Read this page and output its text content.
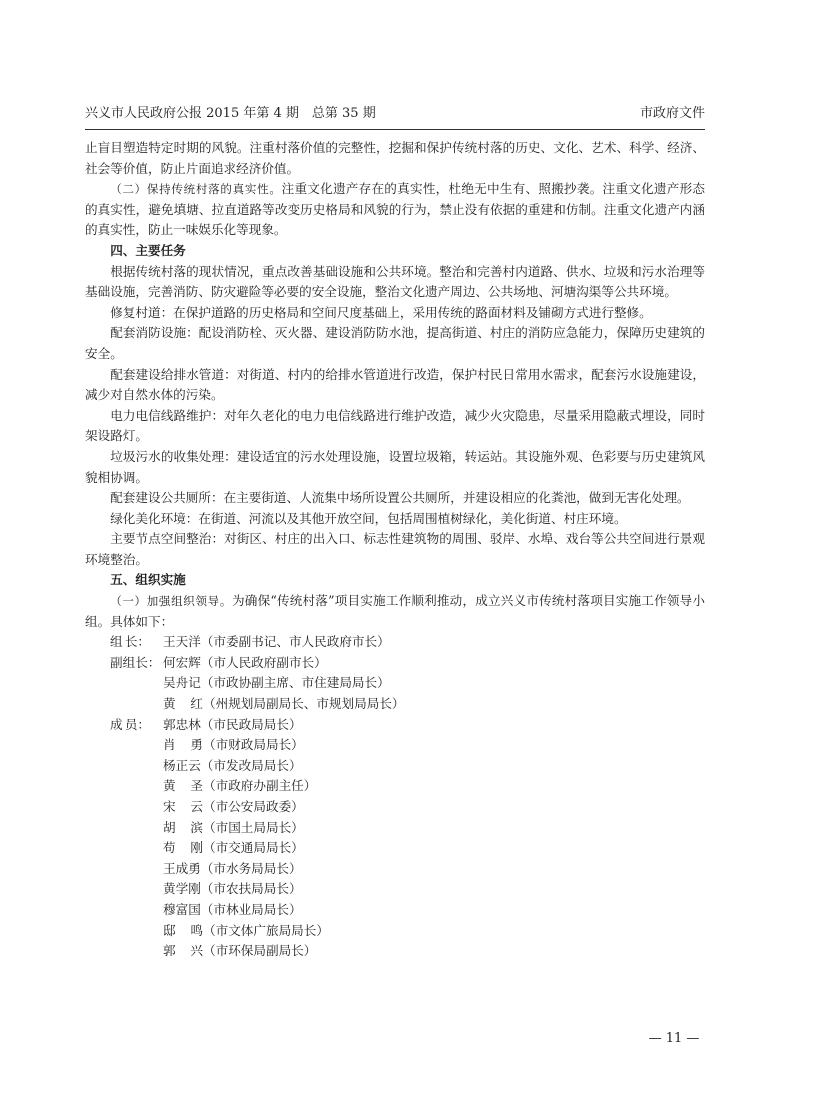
兴义市人民政府公报 2015 年第 4 期　总第 35 期	市政府文件

止盲目塑造特定时期的风貌。注重村落价值的完整性，挖掘和保护传统村落的历史、文化、艺术、科学、经济、社会等价值，防止片面追求经济价值。

（二）保持传统村落的真实性。注重文化遗产存在的真实性，杜绝无中生有、照搬抄袭。注重文化遗产形态的真实性，避免填塘、拉直道路等改变历史格局和风貌的行为，禁止没有依据的重建和仿制。注重文化遗产内涵的真实性，防止一味娱乐化等现象。

四、主要任务

根据传统村落的现状情况，重点改善基础设施和公共环境。整治和完善村内道路、供水、垃圾和污水治理等基础设施，完善消防、防灾避险等必要的安全设施，整治文化遗产周边、公共场地、河塘沟渠等公共环境。

修复村道：在保护道路的历史格局和空间尺度基础上，采用传统的路面材料及铺砌方式进行整修。

配套消防设施：配设消防栓、灭火器、建设消防防水池，提高街道、村庄的消防应急能力，保障历史建筑的安全。

配套建设给排水管道：对街道、村内的给排水管道进行改造，保护村民日常用水需求，配套污水设施建设，减少对自然水体的污染。

电力电信线路维护：对年久老化的电力电信线路进行维护改造，减少火灾隐患，尽量采用隐蔽式埋设，同时架设路灯。

垃圾污水的收集处理：建设适宜的污水处理设施，设置垃圾箱，转运站。其设施外观、色彩要与历史建筑风貌相协调。

配套建设公共厕所：在主要街道、人流集中场所设置公共厕所，并建设相应的化粪池，做到无害化处理。

绿化美化环境：在街道、河流以及其他开放空间，包括周围植树绿化，美化街道、村庄环境。

主要节点空间整治：对街区、村庄的出入口、标志性建筑物的周围、驳岸、水埠、戏台等公共空间进行景观环境整治。

五、组织实施

（一）加强组织领导。为确保“传统村落”项目实施工作顺利推动，成立兴义市传统村落项目实施工作领导小组。具体如下：

组 长：	王天洋 （市委副书记、市人民政府市长）
副组长： 何宏辉 （市人民政府副市长）
吴舟记 （市政协副主席、市住建局局长）
黄 红 （州规划局副局长、市规划局局长）
成 员：	郭忠林 （市民政局局长）
肖 勇 （市财政局局长）
杨正云 （市发改局局长）
黄 圣 （市政府办副主任）
宋 云 （市公安局政委）
胡 滨 （市国土局局长）
苟 刚 （市交通局局长）
王成勇 （市水务局局长）
黄学刚 （市农扶局局长）
穆富国 （市林业局局长）
邸 鸣 （市文体广旅局局长）
郭 兴 （市环保局副局长）
— 11 —
